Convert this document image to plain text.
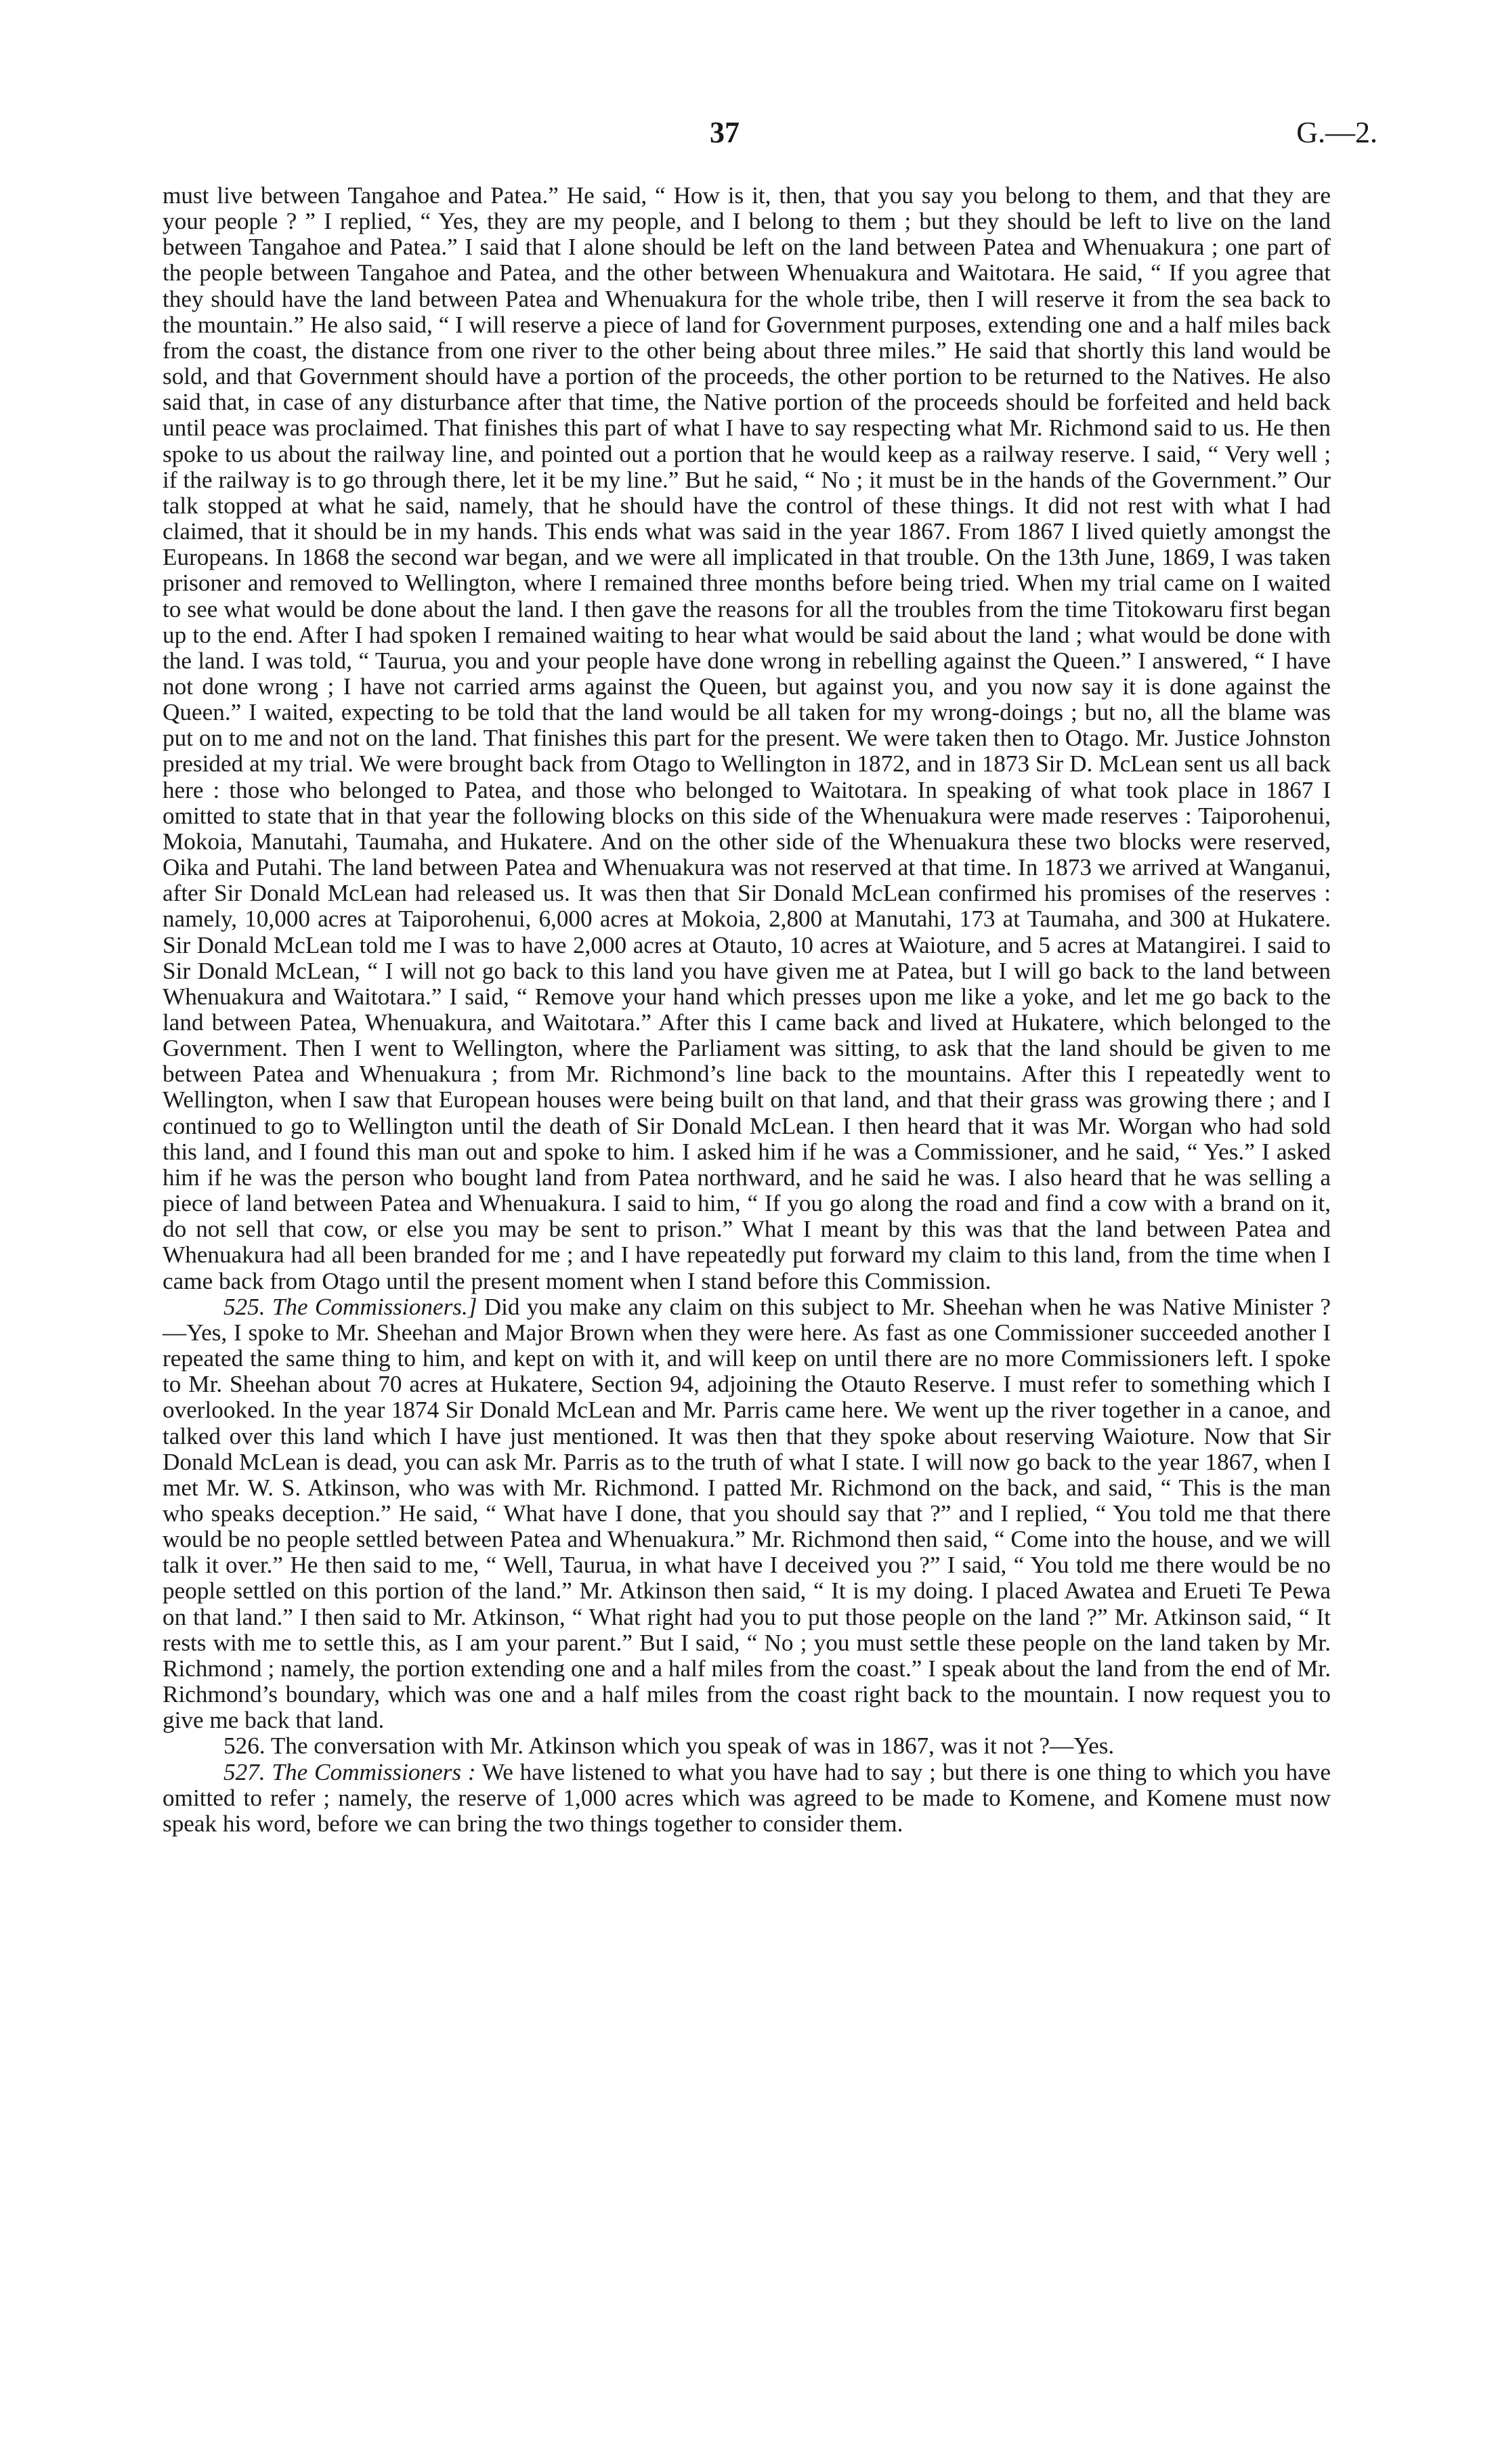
37	G.—2.

must live between Tangahoe and Patea.” He said, “ How is it, then, that you say you belong to them, and that they are your people ? ” I replied, “ Yes, they are my people, and I belong to them ; but they should be left to live on the land between Tangahoe and Patea.” I said that I alone should be left on the land between Patea and Whenuakura ; one part of the people between Tangahoe and Patea, and the other between Whenuakura and Waitotara. He said, “ If you agree that they should have the land between Patea and Whenuakura for the whole tribe, then I will reserve it from the sea back to the mountain.” He also said, “ I will reserve a piece of land for Government purposes, extending one and a half miles back from the coast, the distance from one river to the other being about three miles.” He said that shortly this land would be sold, and that Government should have a portion of the proceeds, the other portion to be returned to the Natives. He also said that, in case of any disturbance after that time, the Native portion of the proceeds should be forfeited and held back until peace was proclaimed. That finishes this part of what I have to say respecting what Mr. Richmond said to us. He then spoke to us about the railway line, and pointed out a portion that he would keep as a railway reserve. I said, “ Very well ; if the railway is to go through there, let it be my line.” But he said, “ No ; it must be in the hands of the Government.” Our talk stopped at what he said, namely, that he should have the control of these things. It did not rest with what I had claimed, that it should be in my hands. This ends what was said in the year 1867. From 1867 I lived quietly amongst the Europeans. In 1868 the second war began, and we were all implicated in that trouble. On the 13th June, 1869, I was taken prisoner and removed to Wellington, where I remained three months before being tried. When my trial came on I waited to see what would be done about the land. I then gave the reasons for all the troubles from the time Titokowaru first began up to the end. After I had spoken I remained waiting to hear what would be said about the land ; what would be done with the land. I was told, “ Taurua, you and your people have done wrong in rebelling against the Queen.” I answered, “ I have not done wrong ; I have not carried arms against the Queen, but against you, and you now say it is done against the Queen.” I waited, expecting to be told that the land would be all taken for my wrong-doings ; but no, all the blame was put on to me and not on the land. That finishes this part for the present. We were taken then to Otago. Mr. Justice Johnston presided at my trial. We were brought back from Otago to Wellington in 1872, and in 1873 Sir D. McLean sent us all back here : those who belonged to Patea, and those who belonged to Waitotara. In speaking of what took place in 1867 I omitted to state that in that year the following blocks on this side of the Whenuakura were made reserves : Taiporohenui, Mokoia, Manutahi, Taumaha, and Hukatere. And on the other side of the Whenuakura these two blocks were reserved, Oika and Putahi. The land between Patea and Whenuakura was not reserved at that time. In 1873 we arrived at Wanganui, after Sir Donald McLean had released us. It was then that Sir Donald McLean confirmed his promises of the reserves : namely, 10,000 acres at Taiporohenui, 6,000 acres at Mokoia, 2,800 at Manutahi, 173 at Taumaha, and 300 at Hukatere. Sir Donald McLean told me I was to have 2,000 acres at Otauto, 10 acres at Waioture, and 5 acres at Matangirei. I said to Sir Donald McLean, “ I will not go back to this land you have given me at Patea, but I will go back to the land between Whenuakura and Waitotara.” I said, “ Remove your hand which presses upon me like a yoke, and let me go back to the land between Patea, Whenuakura, and Waitotara.” After this I came back and lived at Hukatere, which belonged to the Government. Then I went to Wellington, where the Parliament was sitting, to ask that the land should be given to me between Patea and Whenuakura ; from Mr. Richmond’s line back to the mountains. After this I repeatedly went to Wellington, when I saw that European houses were being built on that land, and that their grass was growing there ; and I continued to go to Wellington until the death of Sir Donald McLean. I then heard that it was Mr. Worgan who had sold this land, and I found this man out and spoke to him. I asked him if he was a Commissioner, and he said, “ Yes.” I asked him if he was the person who bought land from Patea northward, and he said he was. I also heard that he was selling a piece of land between Patea and Whenuakura. I said to him, “ If you go along the road and find a cow with a brand on it, do not sell that cow, or else you may be sent to prison.” What I meant by this was that the land between Patea and Whenuakura had all been branded for me ; and I have repeatedly put forward my claim to this land, from the time when I came back from Otago until the present moment when I stand before this Commission.

525. The Commissioners.] Did you make any claim on this subject to Mr. Sheehan when he was Native Minister ?—Yes, I spoke to Mr. Sheehan and Major Brown when they were here. As fast as one Commissioner succeeded another I repeated the same thing to him, and kept on with it, and will keep on until there are no more Commissioners left. I spoke to Mr. Sheehan about 70 acres at Hukatere, Section 94, adjoining the Otauto Reserve. I must refer to something which I overlooked. In the year 1874 Sir Donald McLean and Mr. Parris came here. We went up the river together in a canoe, and talked over this land which I have just mentioned. It was then that they spoke about reserving Waioture. Now that Sir Donald McLean is dead, you can ask Mr. Parris as to the truth of what I state. I will now go back to the year 1867, when I met Mr. W. S. Atkinson, who was with Mr. Richmond. I patted Mr. Richmond on the back, and said, “ This is the man who speaks deception.” He said, “ What have I done, that you should say that ?” and I replied, “ You told me that there would be no people settled between Patea and Whenuakura.” Mr. Richmond then said, “ Come into the house, and we will talk it over.” He then said to me, “ Well, Taurua, in what have I deceived you ?” I said, “ You told me there would be no people settled on this portion of the land.” Mr. Atkinson then said, “ It is my doing. I placed Awatea and Erueti Te Pewa on that land.” I then said to Mr. Atkinson, “ What right had you to put those people on the land ?” Mr. Atkinson said, “ It rests with me to settle this, as I am your parent.” But I said, “ No ; you must settle these people on the land taken by Mr. Richmond ; namely, the portion extending one and a half miles from the coast.” I speak about the land from the end of Mr. Richmond’s boundary, which was one and a half miles from the coast right back to the mountain. I now request you to give me back that land.

526. The conversation with Mr. Atkinson which you speak of was in 1867, was it not ?—Yes.

527. The Commissioners : We have listened to what you have had to say ; but there is one thing to which you have omitted to refer ; namely, the reserve of 1,000 acres which was agreed to be made to Komene, and Komene must now speak his word, before we can bring the two things together to consider them.
